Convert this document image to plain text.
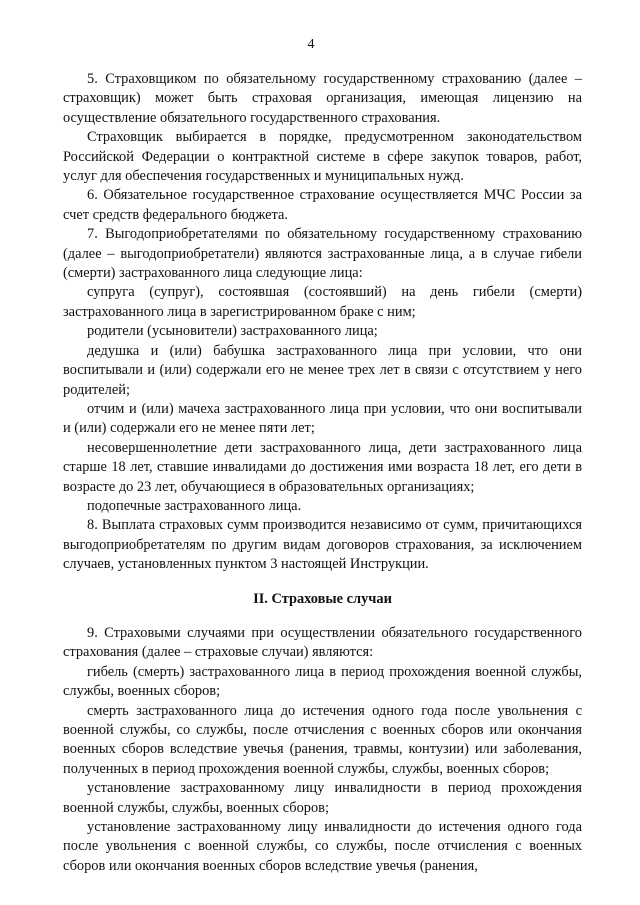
4

5. Страховщиком по обязательному государственному страхованию (далее – страховщик) может быть страховая организация, имеющая лицензию на осуществление обязательного государственного страхования.

Страховщик выбирается в порядке, предусмотренном законодательством Российской Федерации о контрактной системе в сфере закупок товаров, работ, услуг для обеспечения государственных и муниципальных нужд.

6. Обязательное государственное страхование осуществляется МЧС России за счет средств федерального бюджета.

7. Выгодоприобретателями по обязательному государственному страхованию (далее – выгодоприобретатели) являются застрахованные лица, а в случае гибели (смерти) застрахованного лица следующие лица:

супруга (супруг), состоявшая (состоявший) на день гибели (смерти) застрахованного лица в зарегистрированном браке с ним;

родители (усыновители) застрахованного лица;

дедушка и (или) бабушка застрахованного лица при условии, что они воспитывали и (или) содержали его не менее трех лет в связи с отсутствием у него родителей;

отчим и (или) мачеха застрахованного лица при условии, что они воспитывали и (или) содержали его не менее пяти лет;

несовершеннолетние дети застрахованного лица, дети застрахованного лица старше 18 лет, ставшие инвалидами до достижения ими возраста 18 лет, его дети в возрасте до 23 лет, обучающиеся в образовательных организациях;

подопечные застрахованного лица.

8. Выплата страховых сумм производится независимо от сумм, причитающихся выгодоприобретателям по другим видам договоров страхования, за исключением случаев, установленных пунктом 3 настоящей Инструкции.

II. Страховые случаи

9. Страховыми случаями при осуществлении обязательного государственного страхования (далее – страховые случаи) являются:

гибель (смерть) застрахованного лица в период прохождения военной службы, службы, военных сборов;

смерть застрахованного лица до истечения одного года после увольнения с военной службы, со службы, после отчисления с военных сборов или окончания военных сборов вследствие увечья (ранения, травмы, контузии) или заболевания, полученных в период прохождения военной службы, службы, военных сборов;

установление застрахованному лицу инвалидности в период прохождения военной службы, службы, военных сборов;

установление застрахованному лицу инвалидности до истечения одного года после увольнения с военной службы, со службы, после отчисления с военных сборов или окончания военных сборов вследствие увечья (ранения,
